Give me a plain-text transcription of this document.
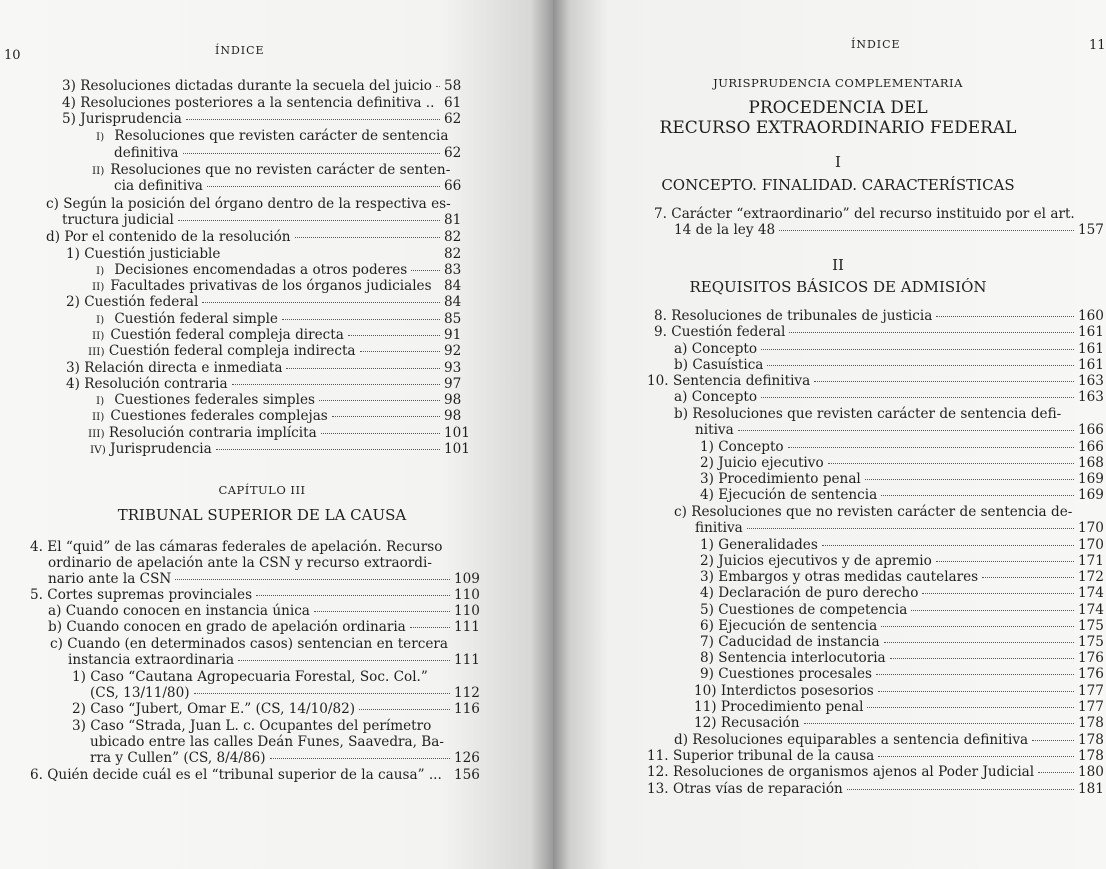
10	ÍNDICE
3) Resoluciones dictadas durante la secuela del juicio 58
4) Resoluciones posteriores a la sentencia definitiva .. 61
5) Jurisprudencia	62
I) Resoluciones que revisten carácter de sentencia
definitiva	62
II) Resoluciones que no revisten carácter de senten-
cia definitiva	66
c) Según la posición del órgano dentro de la respectiva es-
tructura judicial	81
d) Por el contenido de la resolución	82
1) Cuestión justiciable	82
I) Decisiones encomendadas a otros poderes	83
II) Facultades privativas de los órganos judiciales 84
2) Cuestión federal	84
I) Cuestión federal simple	85
II) Cuestión federal compleja directa	91
III) Cuestión federal compleja indirecta	92
3) Relación directa e inmediata	93
4) Resolución contraria	97
I) Cuestiones federales simples	98
II) Cuestiones federales complejas	98
III) Resolución contraria implícita	101
IV) Jurisprudencia	101
CAPÍTULO III
TRIBUNAL SUPERIOR DE LA CAUSA
4. El “quid” de las cámaras federales de apelación. Recurso
ordinario de apelación ante la CSN y recurso extraordi-
nario ante la CSN	109
5. Cortes supremas provinciales	110
a) Cuando conocen en instancia única	110
b) Cuando conocen en grado de apelación ordinaria	111
c) Cuando (en determinados casos) sentencian en tercera
instancia extraordinaria	111
1) Caso “Cautana Agropecuaria Forestal, Soc. Col.”
(CS, 13/11/80)	112
2) Caso “Jubert, Omar E.” (CS, 14/10/82)	116
3) Caso “Strada, Juan L. c. Ocupantes del perímetro
ubicado entre las calles Deán Funes, Saavedra, Ba-
rra y Cullen” (CS, 8/4/86)	126
6. Quién decide cuál es el “tribunal superior de la causa” ... 156
ÍNDICE	11
JURISPRUDENCIA COMPLEMENTARIA
PROCEDENCIA DEL
RECURSO EXTRAORDINARIO FEDERAL
I
CONCEPTO. FINALIDAD. CARACTERÍSTICAS
7. Carácter “extraordinario” del recurso instituido por el art.
14 de la ley 48	157
II
REQUISITOS BÁSICOS DE ADMISIÓN
8. Resoluciones de tribunales de justicia	160
9. Cuestión federal	161
a) Concepto	161
b) Casuística	161
10. Sentencia definitiva	163
a) Concepto	163
b) Resoluciones que revisten carácter de sentencia defi-
nitiva	166
1) Concepto	166
2) Juicio ejecutivo	168
3) Procedimiento penal	169
4) Ejecución de sentencia	169
c) Resoluciones que no revisten carácter de sentencia de-
finitiva	170
1) Generalidades	170
2) Juicios ejecutivos y de apremio	171
3) Embargos y otras medidas cautelares	172
4) Declaración de puro derecho	174
5) Cuestiones de competencia	174
6) Ejecución de sentencia	175
7) Caducidad de instancia	175
8) Sentencia interlocutoria	176
9) Cuestiones procesales	176
10) Interdictos posesorios	177
11) Procedimiento penal	177
12) Recusación	178
d) Resoluciones equiparables a sentencia definitiva	178
11. Superior tribunal de la causa	178
12. Resoluciones de organismos ajenos al Poder Judicial	180
13. Otras vías de reparación	181
